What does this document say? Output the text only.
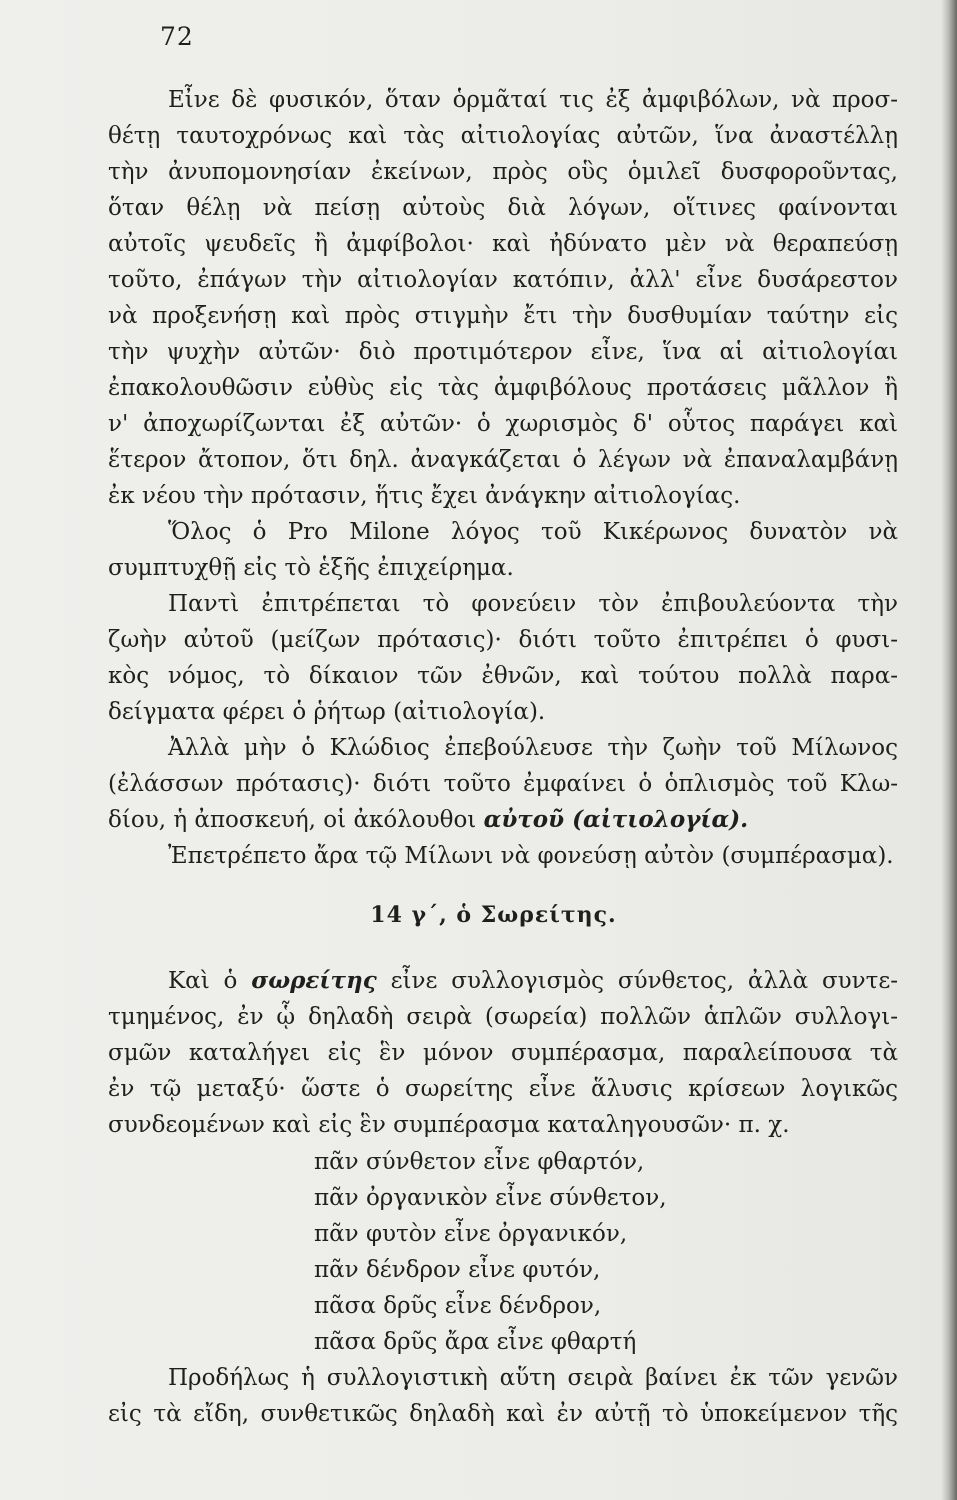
72
Εἶνε δὲ φυσικόν, ὅταν ὁρμᾶταί τις ἐξ ἀμφιβόλων, νὰ προσ-
θέτῃ ταυτοχρόνως καὶ τὰς αἰτιολογίας αὐτῶν, ἵνα ἀναστέλλῃ
τὴν ἀνυπομονησίαν ἐκείνων, πρὸς οὓς ὁμιλεῖ δυσφοροῦντας,
ὅταν θέλῃ νὰ πείσῃ αὐτοὺς διὰ λόγων, οἵτινες φαίνονται
αὐτοῖς ψευδεῖς ἢ ἀμφίβολοι· καὶ ἠδύνατο μὲν νὰ θεραπεύσῃ
τοῦτο, ἐπάγων τὴν αἰτιολογίαν κατόπιν, ἀλλ' εἶνε δυσάρεστον
νὰ προξενήσῃ καὶ πρὸς στιγμὴν ἔτι τὴν δυσθυμίαν ταύτην εἰς
τὴν ψυχὴν αὐτῶν· διὸ προτιμότερον εἶνε, ἵνα αἱ αἰτιολογίαι
ἐπακολουθῶσιν εὐθὺς εἰς τὰς ἀμφιβόλους προτάσεις μᾶλλον ἢ
ν' ἀποχωρίζωνται ἐξ αὐτῶν· ὁ χωρισμὸς δ' οὗτος παράγει καὶ
ἕτερον ἄτοπον, ὅτι δηλ. ἀναγκάζεται ὁ λέγων νὰ ἐπαναλαμβάνῃ
ἐκ νέου τὴν πρότασιν, ἥτις ἔχει ἀνάγκην αἰτιολογίας.
Ὅλος ὁ Pro Milone λόγος τοῦ Κικέρωνος δυνατὸν νὰ
συμπτυχθῇ εἰς τὸ ἑξῆς ἐπιχείρημα.
Παντὶ ἐπιτρέπεται τὸ φονεύειν τὸν ἐπιβουλεύοντα τὴν
ζωὴν αὐτοῦ (μείζων πρότασις)· διότι τοῦτο ἐπιτρέπει ὁ φυσι-
κὸς νόμος, τὸ δίκαιον τῶν ἐθνῶν, καὶ τούτου πολλὰ παρα-
δείγματα φέρει ὁ ῥήτωρ (αἰτιολογία).
Ἀλλὰ μὴν ὁ Κλώδιος ἐπεβούλευσε τὴν ζωὴν τοῦ Μίλωνος
(ἐλάσσων πρότασις)· διότι τοῦτο ἐμφαίνει ὁ ὁπλισμὸς τοῦ Κλω-
δίου, ἡ ἀποσκευή, οἱ ἀκόλουθοι αὐτοῦ (αἰτιολογία).
Ἐπετρέπετο ἄρα τῷ Μίλωνι νὰ φονεύσῃ αὐτὸν (συμπέρασμα).
14 γ΄, ὁ Σωρείτης.
Καὶ ὁ σωρείτης εἶνε συλλογισμὸς σύνθετος, ἀλλὰ συντε-
τμημένος, ἐν ᾧ δηλαδὴ σειρὰ (σωρεία) πολλῶν ἁπλῶν συλλογι-
σμῶν καταλήγει εἰς ἓν μόνον συμπέρασμα, παραλείπουσα τὰ
ἐν τῷ μεταξύ· ὥστε ὁ σωρείτης εἶνε ἅλυσις κρίσεων λογικῶς
συνδεομένων καὶ εἰς ἓν συμπέρασμα καταληγουσῶν· π. χ.
πᾶν σύνθετον εἶνε φθαρτόν,
πᾶν ὀργανικὸν εἶνε σύνθετον,
πᾶν φυτὸν εἶνε ὀργανικόν,
πᾶν δένδρον εἶνε φυτόν,
πᾶσα δρῦς εἶνε δένδρον,
πᾶσα δρῦς ἄρα εἶνε φθαρτή
Προδήλως ἡ συλλογιστικὴ αὕτη σειρὰ βαίνει ἐκ τῶν γενῶν
εἰς τὰ εἴδη, συνθετικῶς δηλαδὴ καὶ ἐν αὐτῇ τὸ ὑποκείμενον τῆς
